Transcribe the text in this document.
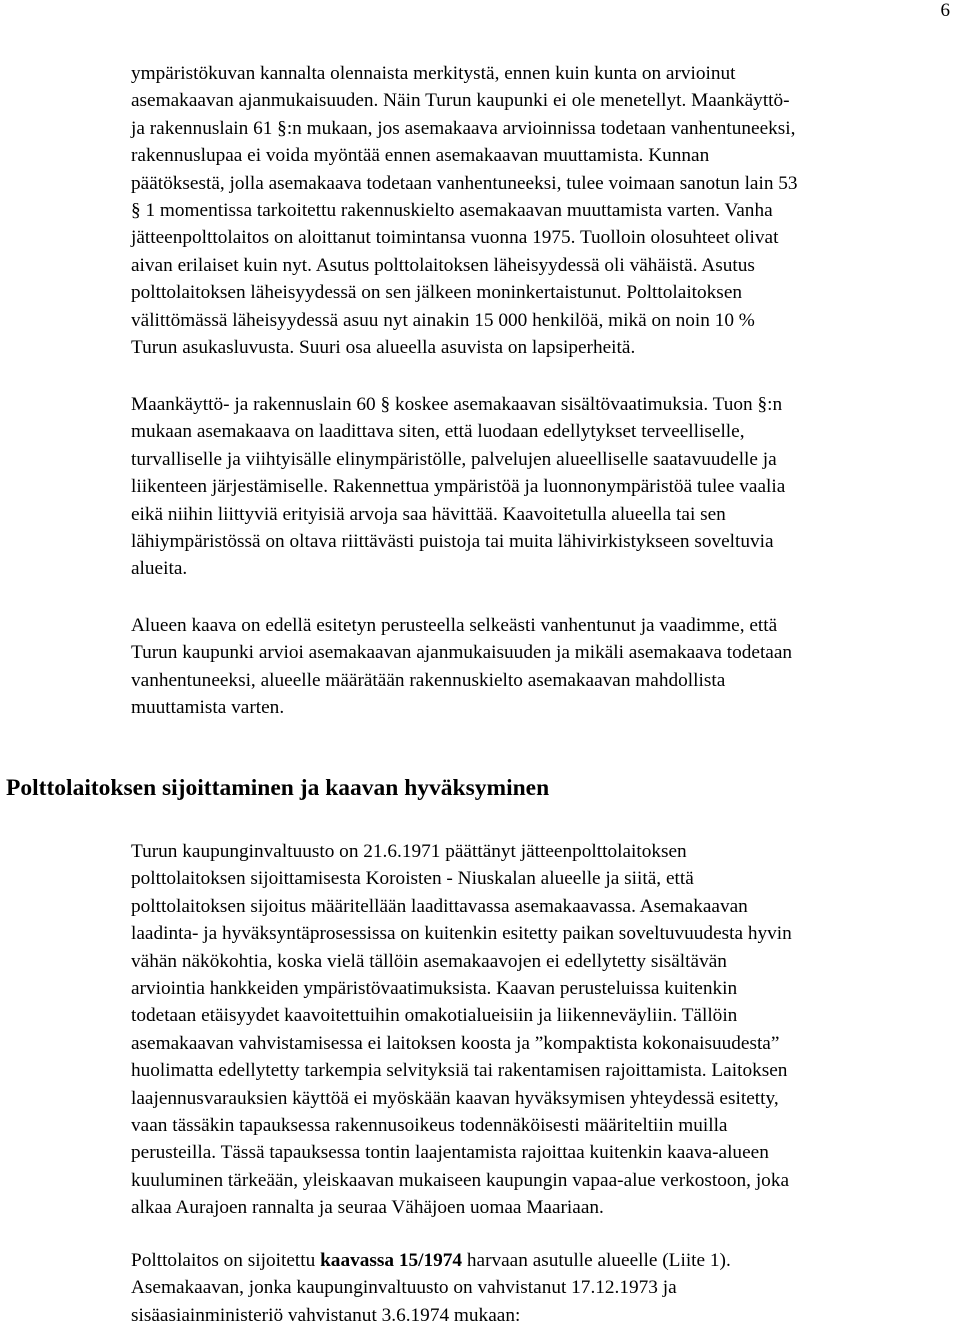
6
ympäristökuvan kannalta olennaista merkitystä, ennen kuin kunta on arvioinut
asemakaavan ajanmukaisuuden. Näin Turun kaupunki ei ole menetellyt. Maankäyttö-
ja rakennuslain 61 §:n mukaan, jos asemakaava arvioinnissa todetaan vanhentuneeksi,
rakennuslupaa ei voida myöntää ennen asemakaavan muuttamista. Kunnan
päätöksestä, jolla asemakaava todetaan vanhentuneeksi, tulee voimaan sanotun lain 53
§ 1 momentissa tarkoitettu rakennuskielto asemakaavan muuttamista varten. Vanha
jätteenpolttolaitos on aloittanut toimintansa vuonna 1975. Tuolloin olosuhteet olivat
aivan erilaiset kuin nyt. Asutus polttolaitoksen läheisyydessä oli vähäistä. Asutus
polttolaitoksen läheisyydessä on sen jälkeen moninkertaistunut. Polttolaitoksen
välittömässä läheisyydessä asuu nyt ainakin 15 000 henkilöä, mikä on noin 10 %
Turun asukasluvusta. Suuri osa alueella asuvista on lapsiperheitä.
Maankäyttö- ja rakennuslain 60 § koskee asemakaavan sisältövaatimuksia. Tuon §:n
mukaan asemakaava on laadittava siten, että luodaan edellytykset terveelliselle,
turvalliselle ja viihtyisälle elinympäristölle, palvelujen alueelliselle saatavuudelle ja
liikenteen järjestämiselle. Rakennettua ympäristöä ja luonnonympäristöä tulee vaalia
eikä niihin liittyviä erityisiä arvoja saa hävittää. Kaavoitetulla alueella tai sen
lähiympäristössä on oltava riittävästi puistoja tai muita lähivirkistykseen soveltuvia
alueita.
Alueen kaava on edellä esitetyn perusteella selkeästi vanhentunut ja vaadimme, että
Turun kaupunki arvioi asemakaavan ajanmukaisuuden ja mikäli asemakaava todetaan
vanhentuneeksi, alueelle määrätään rakennuskielto asemakaavan mahdollista
muuttamista varten.
Polttolaitoksen sijoittaminen ja kaavan hyväksyminen
Turun kaupunginvaltuusto on 21.6.1971 päättänyt jätteenpolttolaitoksen
polttolaitoksen sijoittamisesta Koroisten - Niuskalan alueelle ja siitä, että
polttolaitoksen sijoitus määritellään laadittavassa asemakaavassa. Asemakaavan
laadinta- ja hyväksyntäprosessissa on kuitenkin esitetty paikan soveltuvuudesta hyvin
vähän näkökohtia, koska vielä tällöin asemakaavojen ei edellytetty sisältävän
arviointia hankkeiden ympäristövaatimuksista. Kaavan perusteluissa kuitenkin
todetaan etäisyydet kaavoitettuihin omakotialueisiin ja liikenneväyliin. Tällöin
asemakaavan vahvistamisessa ei laitoksen koosta ja ”kompaktista kokonaisuudesta”
huolimatta edellytetty tarkempia selvityksiä tai rakentamisen rajoittamista. Laitoksen
laajennusvarauksien käyttöä ei myöskään kaavan hyväksymisen yhteydessä esitetty,
vaan tässäkin tapauksessa rakennusoikeus todennäköisesti määriteltiin muilla
perusteilla. Tässä tapauksessa tontin laajentamista rajoittaa kuitenkin kaava-alueen
kuuluminen tärkeään, yleiskaavan mukaiseen kaupungin vapaa-alue verkostoon, joka
alkaa Aurajoen rannalta ja seuraa Vähäjoen uomaa Maariaan.
Polttolaitos on sijoitettu kaavassa 15/1974 harvaan asutulle alueelle (Liite 1).
Asemakaavan, jonka kaupunginvaltuusto on vahvistanut 17.12.1973 ja
sisäasiainministeriö vahvistanut 3.6.1974 mukaan:
